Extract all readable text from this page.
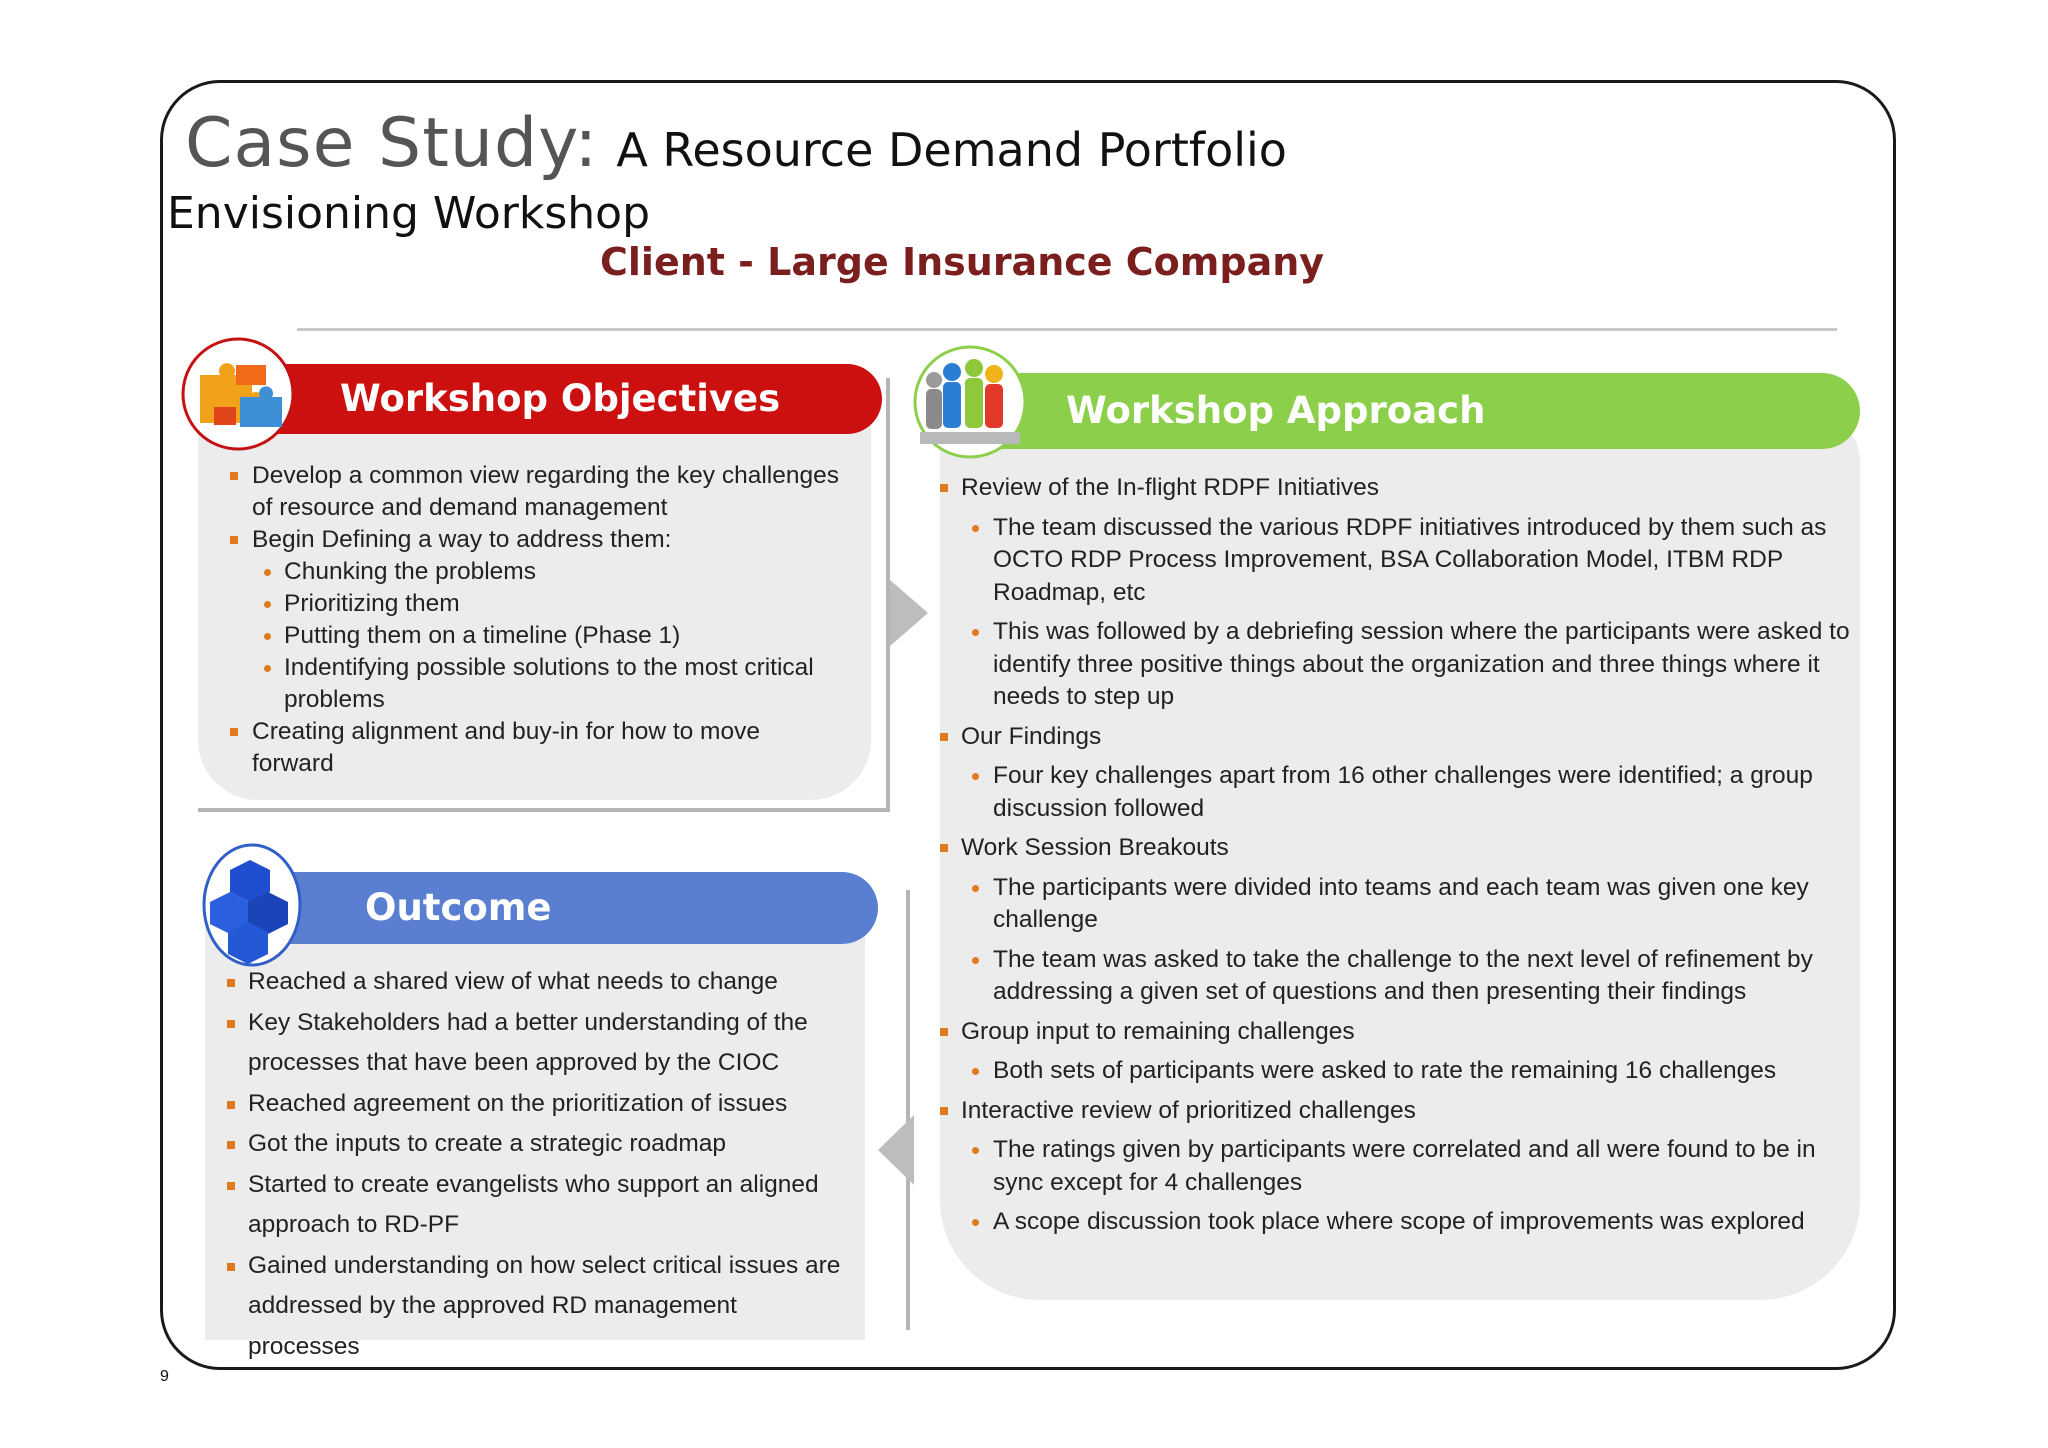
Case Study: A Resource Demand Portfolio
Envisioning Workshop
Client - Large Insurance Company
Develop a common view regarding the key challenges of resource and demand management
Begin Defining a way to address them:
Chunking the problems
Prioritizing them
Putting them on a timeline (Phase 1)
Indentifying possible solutions to the most critical problems
Creating alignment and buy-in for how to move forward
Workshop Objectives
Reached a shared view of what needs to change
Key Stakeholders had a better understanding of the processes that have been approved by the CIOC
Reached agreement on the prioritization of issues
Got the inputs to create a strategic roadmap
Started to create evangelists who support an aligned approach to RD-PF
Gained understanding on how select critical issues are addressed by the approved RD management processes
Outcome
Review of the In-flight RDPF Initiatives
The team discussed the various RDPF initiatives introduced by them such as OCTO RDP Process Improvement, BSA Collaboration Model, ITBM RDP Roadmap, etc
This was followed by a debriefing session where the participants were asked to identify three positive things about the organization and three things where it needs to step up
Our Findings
Four key challenges apart from 16 other challenges were identified; a group discussion followed
Work Session Breakouts
The participants were divided into teams and each team was given one key challenge
The team was asked to take the challenge to the next level of refinement by addressing a given set of questions and then presenting their findings
Group input to remaining challenges
Both sets of participants were asked to rate the remaining 16 challenges
Interactive review of prioritized challenges
The ratings given by participants were correlated and all were found to be in sync except for 4 challenges
A scope discussion took place where scope of improvements was explored
Workshop Approach
9
